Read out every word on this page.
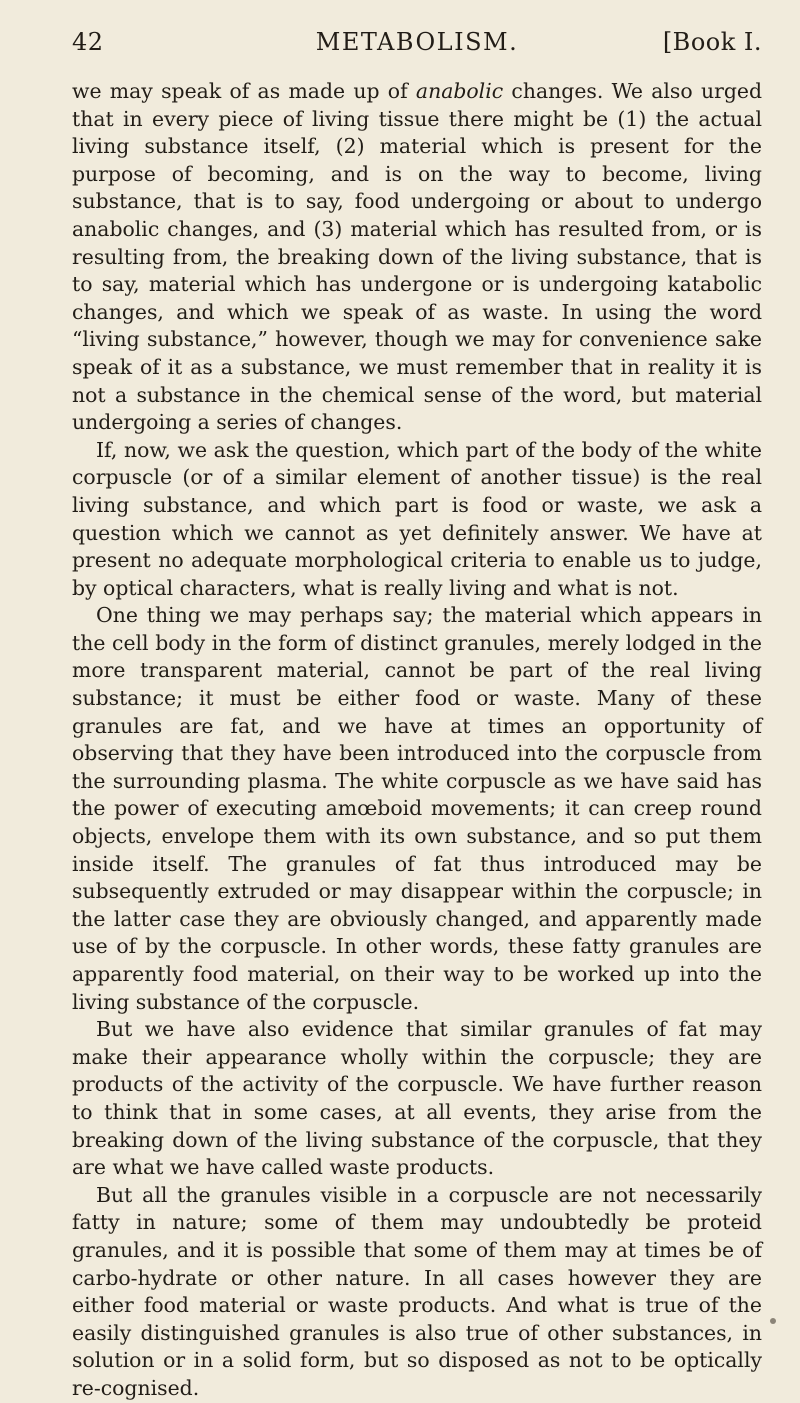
42	METABOLISM.	[Book I.

we may speak of as made up of anabolic changes. We also urged that in every piece of living tissue there might be (1) the actual living substance itself, (2) material which is present for the purpose of becoming, and is on the way to become, living substance, that is to say, food undergoing or about to undergo anabolic changes, and (3) material which has resulted from, or is resulting from, the breaking down of the living substance, that is to say, material which has undergone or is undergoing katabolic changes, and which we speak of as waste. In using the word “living substance,” however, though we may for convenience sake speak of it as a substance, we must remember that in reality it is not a substance in the chemical sense of the word, but material undergoing a series of changes.

If, now, we ask the question, which part of the body of the white corpuscle (or of a similar element of another tissue) is the real living substance, and which part is food or waste, we ask a question which we cannot as yet definitely answer. We have at present no adequate morphological criteria to enable us to judge, by optical characters, what is really living and what is not.

One thing we may perhaps say; the material which appears in the cell body in the form of distinct granules, merely lodged in the more transparent material, cannot be part of the real living substance; it must be either food or waste. Many of these granules are fat, and we have at times an opportunity of observing that they have been introduced into the corpuscle from the surrounding plasma. The white corpuscle as we have said has the power of executing amœboid movements; it can creep round objects, envelope them with its own substance, and so put them inside itself. The granules of fat thus introduced may be subsequently extruded or may disappear within the corpuscle; in the latter case they are obviously changed, and apparently made use of by the corpuscle. In other words, these fatty granules are apparently food material, on their way to be worked up into the living substance of the corpuscle.

But we have also evidence that similar granules of fat may make their appearance wholly within the corpuscle; they are products of the activity of the corpuscle. We have further reason to think that in some cases, at all events, they arise from the breaking down of the living substance of the corpuscle, that they are what we have called waste products.

But all the granules visible in a corpuscle are not necessarily fatty in nature; some of them may undoubtedly be proteid granules, and it is possible that some of them may at times be of carbo-hydrate or other nature. In all cases however they are either food material or waste products. And what is true of the easily distinguished granules is also true of other substances, in solution or in a solid form, but so disposed as not to be optically re-cognised.
